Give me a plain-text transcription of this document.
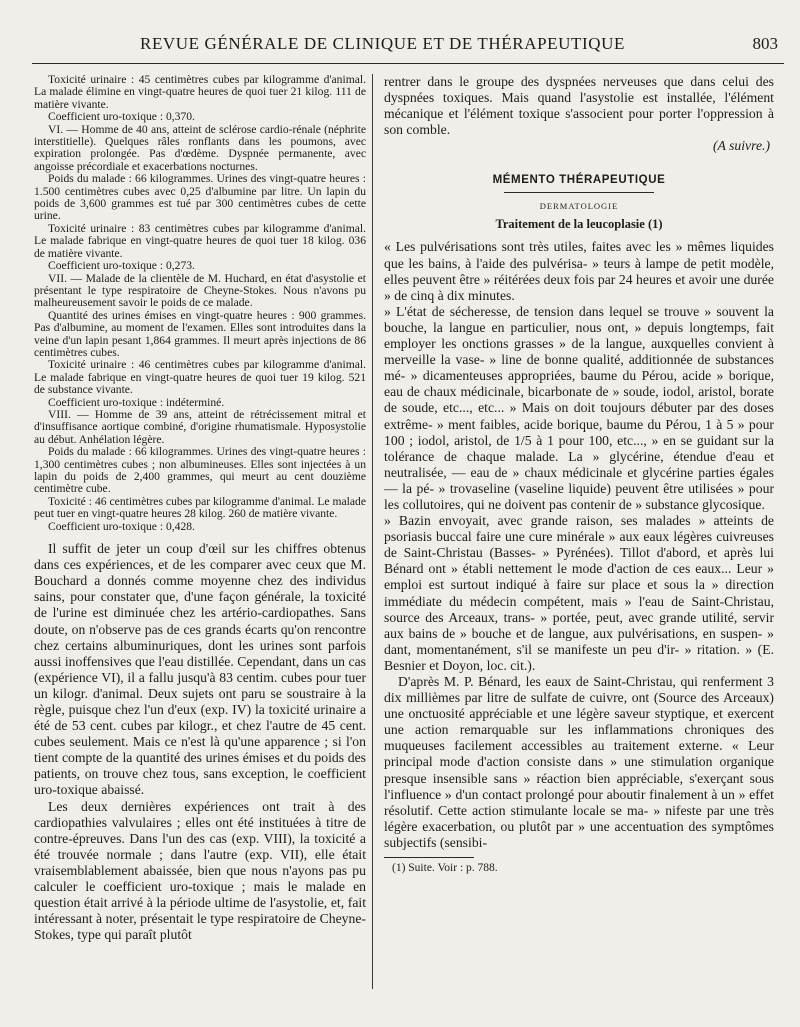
REVUE GÉNÉRALE DE CLINIQUE ET DE THÉRAPEUTIQUE	803

Toxicité urinaire : 45 centimètres cubes par kilogramme d'animal. La malade élimine en vingt-quatre heures de quoi tuer 21 kilog. 111 de matière vivante.

Coefficient uro-toxique : 0,370.

VI. — Homme de 40 ans, atteint de sclérose cardio-rénale (néphrite interstitielle). Quelques râles ronflants dans les poumons, avec expiration prolongée. Pas d'œdème. Dyspnée permanente, avec angoisse précordiale et exacerbations nocturnes.

Poids du malade : 66 kilogrammes. Urines des vingt-quatre heures : 1.500 centimètres cubes avec 0,25 d'albumine par litre. Un lapin du poids de 3,600 grammes est tué par 300 centimètres cubes de cette urine.

Toxicité urinaire : 83 centimètres cubes par kilogramme d'animal. Le malade fabrique en vingt-quatre heures de quoi tuer 18 kilog. 036 de matière vivante.

Coefficient uro-toxique : 0,273.

VII. — Malade de la clientèle de M. Huchard, en état d'asystolie et présentant le type respiratoire de Cheyne-Stokes. Nous n'avons pu malheureusement savoir le poids de ce malade.

Quantité des urines émises en vingt-quatre heures : 900 grammes. Pas d'albumine, au moment de l'examen. Elles sont introduites dans la veine d'un lapin pesant 1,864 grammes. Il meurt après injections de 86 centimètres cubes.

Toxicité urinaire : 46 centimètres cubes par kilogramme d'animal. Le malade fabrique en vingt-quatre heures de quoi tuer 19 kilog. 521 de substance vivante.

Coefficient uro-toxique : indéterminé.

VIII. — Homme de 39 ans, atteint de rétrécissement mitral et d'insuffisance aortique combiné, d'origine rhumatismale. Hyposystolie au début. Anhélation légère.

Poids du malade : 66 kilogrammes. Urines des vingt-quatre heures : 1,300 centimètres cubes ; non albumineuses. Elles sont injectées à un lapin du poids de 2,400 grammes, qui meurt au cent douzième centimètre cube.

Toxicité : 46 centimètres cubes par kilogramme d'animal. Le malade peut tuer en vingt-quatre heures 28 kilog. 260 de matière vivante.

Coefficient uro-toxique : 0,428.

Il suffit de jeter un coup d'œil sur les chiffres obtenus dans ces expériences, et de les comparer avec ceux que M. Bouchard a donnés comme moyenne chez des individus sains, pour constater que, d'une façon générale, la toxicité de l'urine est diminuée chez les artério-cardiopathes. Sans doute, on n'observe pas de ces grands écarts qu'on rencontre chez certains albuminuriques, dont les urines sont parfois aussi inoffensives que l'eau distillée. Cependant, dans un cas (expérience VI), il a fallu jusqu'à 83 centim. cubes pour tuer un kilogr. d'animal. Deux sujets ont paru se soustraire à la règle, puisque chez l'un d'eux (exp. IV) la toxicité urinaire a été de 53 cent. cubes par kilogr., et chez l'autre de 45 cent. cubes seulement. Mais ce n'est là qu'une apparence ; si l'on tient compte de la quantité des urines émises et du poids des patients, on trouve chez tous, sans exception, le coefficient uro-toxique abaissé.

Les deux dernières expériences ont trait à des cardiopathies valvulaires ; elles ont été instituées à titre de contre-épreuves. Dans l'un des cas (exp. VIII), la toxicité a été trouvée normale ; dans l'autre (exp. VII), elle était vraisemblablement abaissée, bien que nous n'ayons pas pu calculer le coefficient uro-toxique ; mais le malade en question était arrivé à la période ultime de l'asystolie, et, fait intéressant à noter, présentait le type respiratoire de Cheyne-Stokes, type qui paraît plutôt

rentrer dans le groupe des dyspnées nerveuses que dans celui des dyspnées toxiques. Mais quand l'asystolie est installée, l'élément mécanique et l'élément toxique s'associent pour porter l'oppression à son comble.

(A suivre.)

MÉMENTO THÉRAPEUTIQUE
DERMATOLOGIE
Traitement de la leucoplasie (1)

« Les pulvérisations sont très utiles, faites avec les » mêmes liquides que les bains, à l'aide des pulvérisa- » teurs à lampe de petit modèle, elles peuvent être » réitérées deux fois par 24 heures et avoir une durée » de cinq à dix minutes.

» L'état de sécheresse, de tension dans lequel se trouve » souvent la bouche, la langue en particulier, nous ont, » depuis longtemps, fait employer les onctions grasses » de la langue, auxquelles convient à merveille la vase- » line de bonne qualité, additionnée de substances mé- » dicamenteuses appropriées, baume du Pérou, acide » borique, eau de chaux médicinale, bicarbonate de » soude, iodol, aristol, borate de soude, etc..., etc... » Mais on doit toujours débuter par des doses extrême- » ment faibles, acide borique, baume du Pérou, 1 à 5 » pour 100 ; iodol, aristol, de 1/5 à 1 pour 100, etc..., » en se guidant sur la tolérance de chaque malade. La » glycérine, étendue d'eau et neutralisée, — eau de » chaux médicinale et glycérine parties égales — la pé- » trovaseline (vaseline liquide) peuvent être utilisées » pour les collutoires, qui ne doivent pas contenir de » substance glycosique.

» Bazin envoyait, avec grande raison, ses malades » atteints de psoriasis buccal faire une cure minérale » aux eaux légères cuivreuses de Saint-Christau (Basses- » Pyrénées). Tillot d'abord, et après lui Bénard ont » établi nettement le mode d'action de ces eaux... Leur » emploi est surtout indiqué à faire sur place et sous la » direction immédiate du médecin compétent, mais » l'eau de Saint-Christau, source des Arceaux, trans- » portée, peut, avec grande utilité, servir aux bains de » bouche et de langue, aux pulvérisations, en suspen- » dant, momentanément, s'il se manifeste un peu d'ir- » ritation. » (E. Besnier et Doyon, loc. cit.).

D'après M. P. Bénard, les eaux de Saint-Christau, qui renferment 3 dix millièmes par litre de sulfate de cuivre, ont (Source des Arceaux) une onctuosité appréciable et une légère saveur styptique, et exercent une action remarquable sur les inflammations chroniques des muqueuses facilement accessibles au traitement externe. « Leur principal mode d'action consiste dans » une stimulation organique presque insensible sans » réaction bien appréciable, s'exerçant sous l'influence » d'un contact prolongé pour aboutir finalement à un » effet résolutif. Cette action stimulante locale se ma- » nifeste par une très légère exacerbation, ou plutôt par » une accentuation des symptômes subjectifs (sensibi-

(1) Suite. Voir : p. 788.
